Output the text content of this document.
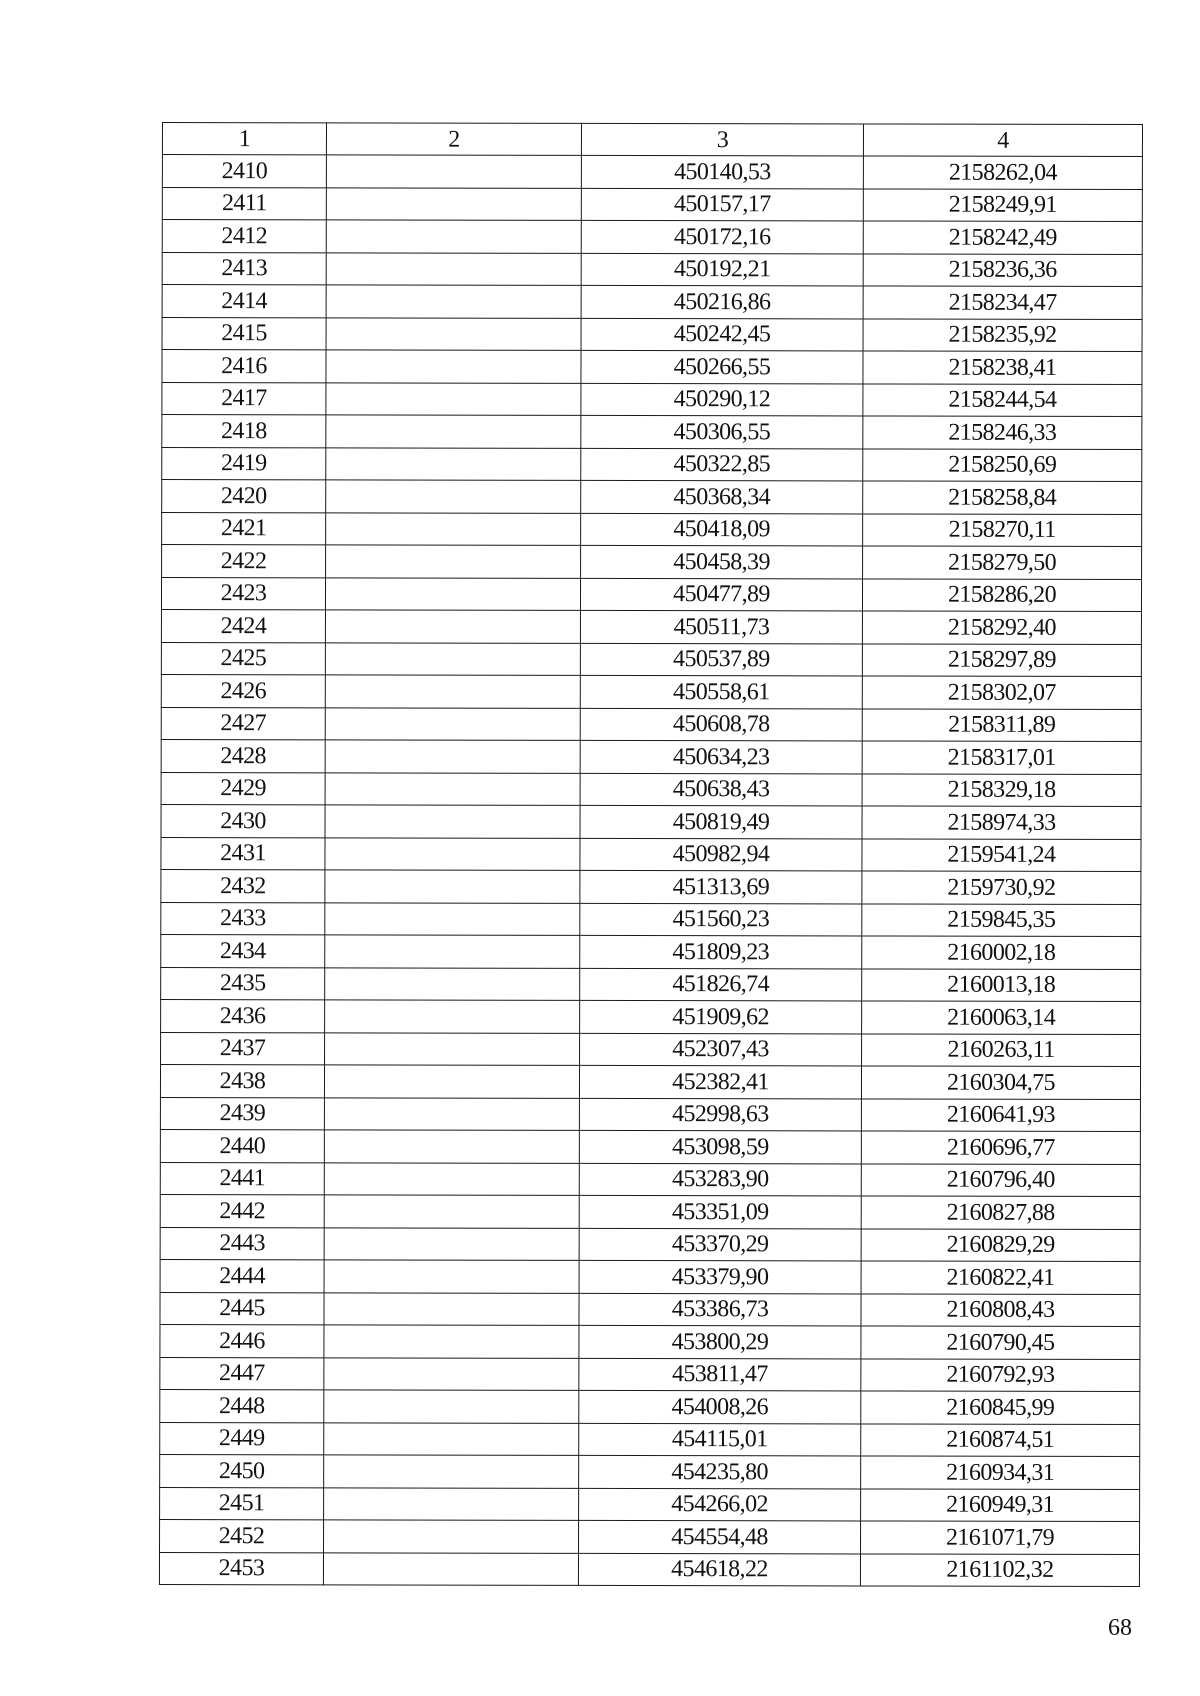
1	2	3	4
2410		450140,53	2158262,04
2411		450157,17	2158249,91
2412		450172,16	2158242,49
2413		450192,21	2158236,36
2414		450216,86	2158234,47
2415		450242,45	2158235,92
2416		450266,55	2158238,41
2417		450290,12	2158244,54
2418		450306,55	2158246,33
2419		450322,85	2158250,69
2420		450368,34	2158258,84
2421		450418,09	2158270,11
2422		450458,39	2158279,50
2423		450477,89	2158286,20
2424		450511,73	2158292,40
2425		450537,89	2158297,89
2426		450558,61	2158302,07
2427		450608,78	2158311,89
2428		450634,23	2158317,01
2429		450638,43	2158329,18
2430		450819,49	2158974,33
2431		450982,94	2159541,24
2432		451313,69	2159730,92
2433		451560,23	2159845,35
2434		451809,23	2160002,18
2435		451826,74	2160013,18
2436		451909,62	2160063,14
2437		452307,43	2160263,11
2438		452382,41	2160304,75
2439		452998,63	2160641,93
2440		453098,59	2160696,77
2441		453283,90	2160796,40
2442		453351,09	2160827,88
2443		453370,29	2160829,29
2444		453379,90	2160822,41
2445		453386,73	2160808,43
2446		453800,29	2160790,45
2447		453811,47	2160792,93
2448		454008,26	2160845,99
2449		454115,01	2160874,51
2450		454235,80	2160934,31
2451		454266,02	2160949,31
2452		454554,48	2161071,79
2453		454618,22	2161102,32
68
